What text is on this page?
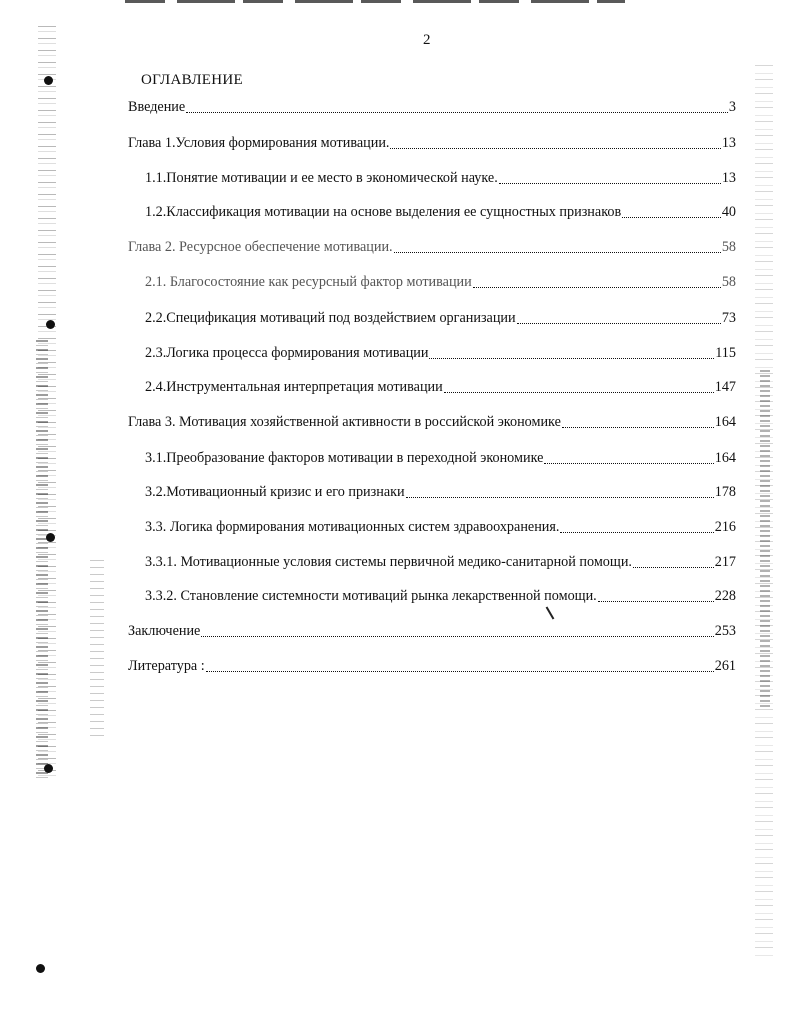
2
ОГЛАВЛЕНИЕ
Введение	3
Глава 1.Условия формирования мотивации.	13
1.1.Понятие мотивации и ее место в экономической науке.	13
1.2.Классификация мотивации на основе выделения ее сущностных признаков	40
Глава 2. Ресурсное обеспечение мотивации.	58
2.1. Благосостояние как ресурсный фактор мотивации	58
2.2.Спецификация мотиваций под воздействием организации	73
2.3.Логика процесса формирования мотивации	115
2.4.Инструментальная интерпретация мотивации	147
Глава 3. Мотивация хозяйственной активности в российской экономике	164
3.1.Преобразование факторов мотивации в переходной экономике	164
3.2.Мотивационный кризис и его признаки	178
3.3. Логика формирования мотивационных систем здравоохранения.	216
3.3.1. Мотивационные условия системы первичной медико-санитарной помощи.	217
3.3.2. Становление системности мотиваций рынка лекарственной помощи.	228
Заключение	253
Литература :	261
